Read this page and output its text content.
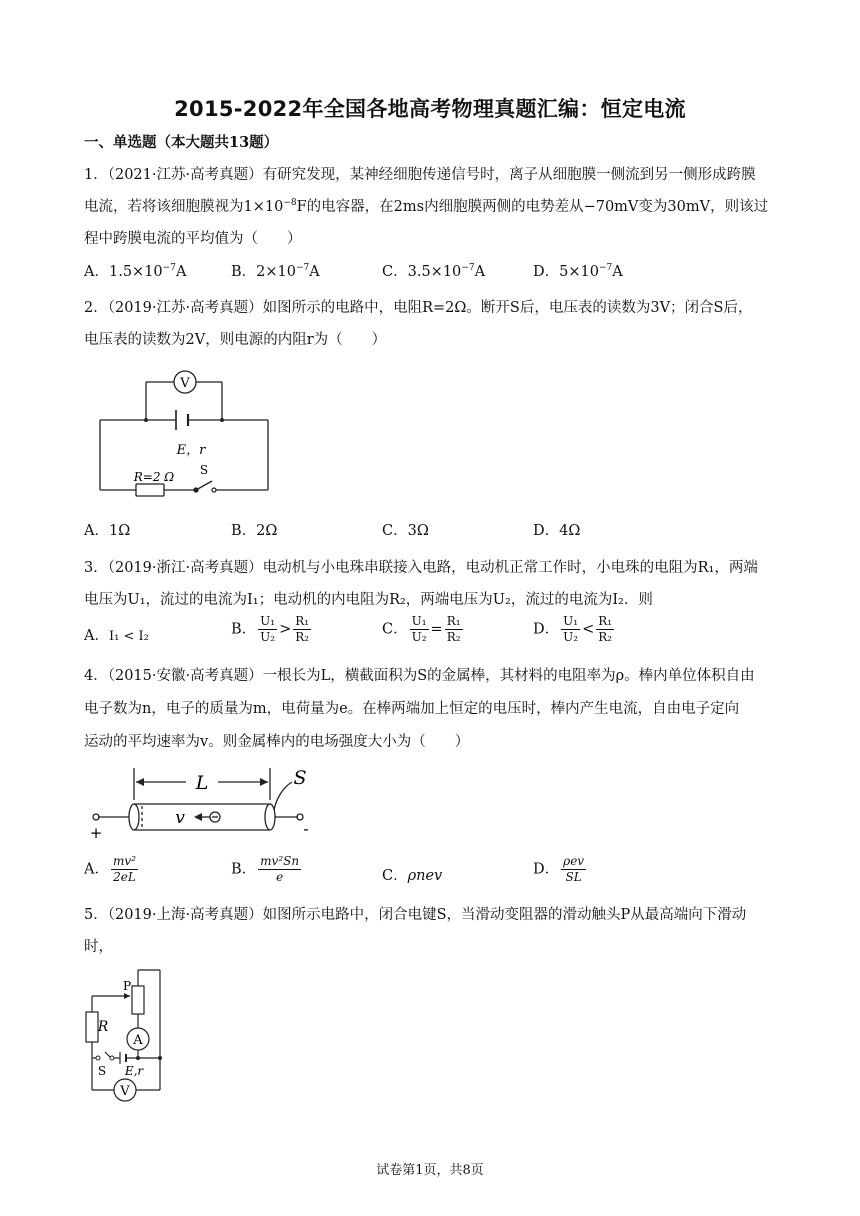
2015-2022年全国各地高考物理真题汇编：恒定电流
一、单选题（本大题共13题）
1．（2021·江苏·高考真题）有研究发现，某神经细胞传递信号时，离子从细胞膜一侧流到另一侧形成跨膜
电流，若将该细胞膜视为$1\times 10^{-8}F$的电容器，在2ms内细胞膜两侧的电势差从−70mV变为30mV，则该过
程中跨膜电流的平均值为（　　）
A．$1.5\times 10^{-7}A$	B．$2\times 10^{-7}A$	C．$3.5\times 10^{-7}A$	D．$5\times 10^{-7}A$
2．（2019·江苏·高考真题）如图所示的电路中，电阻R=2Ω。断开S后，电压表的读数为3V；闭合S后，
电压表的读数为2V，则电源的内阻r为（　　）
V
E，r
R=2 Ω S
A．1Ω	B．2Ω	C．3Ω	D．4Ω
3．（2019·浙江·高考真题）电动机与小电珠串联接入电路，电动机正常工作时，小电珠的电阻为R₁，两端
电压为U₁，流过的电流为I₁；电动机的内电阻为R₂，两端电压为U₂，流过的电流为I₂．则
A．I₁ < I₂	B． $\frac{\text{U₁}}{\text{U₂}} > \frac{\text{R₁}}{\text{R₂}}$	C． $\frac{\text{U₁}}{\text{U₂}} = \frac{\text{R₁}}{\text{R₂}}$	D． $\frac{\text{U₁}}{\text{U₂}} < \frac{\text{R₁}}{\text{R₂}}$
4．（2015·安徽·高考真题）一根长为L，横截面积为S的金属棒，其材料的电阻率为ρ。棒内单位体积自由
电子数为n，电子的质量为m，电荷量为e。在棒两端加上恒定的电压时，棒内产生电流，自由电子定向
运动的平均速率为v。则金属棒内的电场强度大小为（　　）
L	S
v
+	-
A． $\frac{\text{mv²}}{2eL}$	B． $\frac{\text{mv²Sn}}{e}$	C．ρnev	D． $\frac{\text{ρev}}{SL}$
5．（2019·上海·高考真题）如图所示电路中，闭合电键S，当滑动变阻器的滑动触头P从最高端向下滑动
时，
P
R
A
S E,r
V
试卷第1页，共8页
